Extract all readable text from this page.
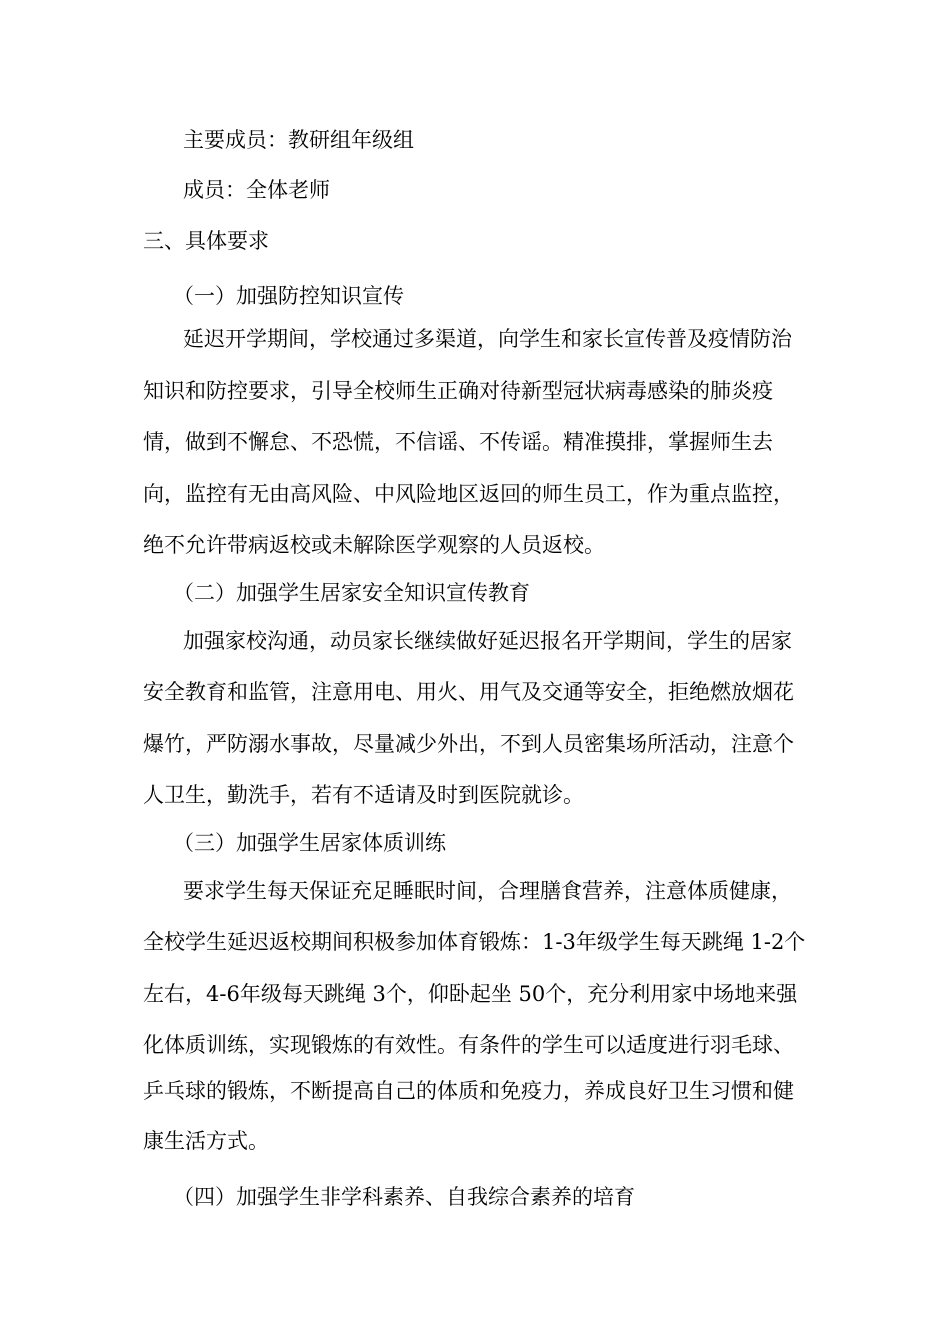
主要成员：教研组年级组
成员：全体老师
三、具体要求
（一）加强防控知识宣传
延迟开学期间，学校通过多渠道，向学生和家长宣传普及疫情防治
知识和防控要求，引导全校师生正确对待新型冠状病毒感染的肺炎疫
情，做到不懈怠、不恐慌，不信谣、不传谣。精准摸排，掌握师生去
向，监控有无由高风险、中风险地区返回的师生员工，作为重点监控，
绝不允许带病返校或未解除医学观察的人员返校。
（二）加强学生居家安全知识宣传教育
加强家校沟通，动员家长继续做好延迟报名开学期间，学生的居家
安全教育和监管，注意用电、用火、用气及交通等安全，拒绝燃放烟花
爆竹，严防溺水事故，尽量减少外出，不到人员密集场所活动，注意个
人卫生，勤洗手，若有不适请及时到医院就诊。
（三）加强学生居家体质训练
要求学生每天保证充足睡眠时间，合理膳食营养，注意体质健康，
全校学生延迟返校期间积极参加体育锻炼：1-3年级学生每天跳绳 1-2个
左右，4-6年级每天跳绳 3个，仰卧起坐 50个，充分利用家中场地来强
化体质训练，实现锻炼的有效性。有条件的学生可以适度进行羽毛球、
乒乓球的锻炼，不断提高自己的体质和免疫力，养成良好卫生习惯和健
康生活方式。
（四）加强学生非学科素养、自我综合素养的培育
